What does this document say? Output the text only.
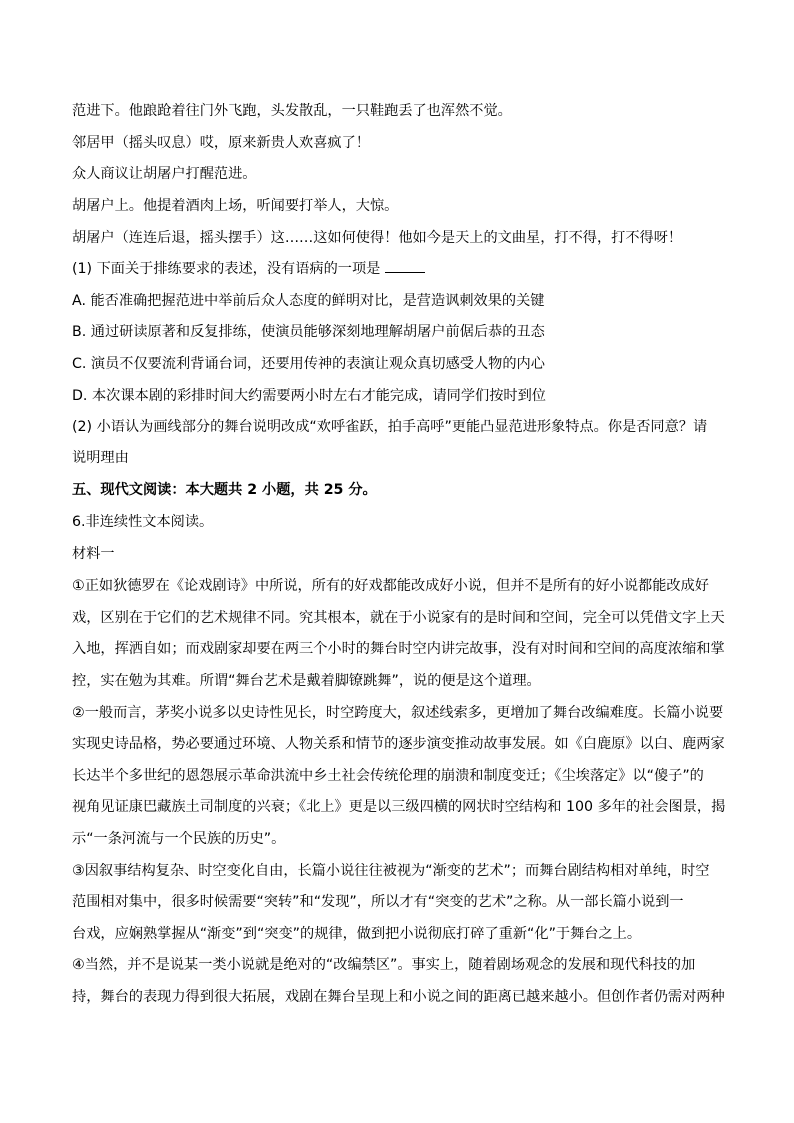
范进下。他踉跄着往门外飞跑，头发散乱，一只鞋跑丢了也浑然不觉。
邻居甲（摇头叹息）哎，原来新贵人欢喜疯了！
众人商议让胡屠户打醒范进。
胡屠户上。他提着酒肉上场，听闻要打举人，大惊。
胡屠户（连连后退，摇头摆手）这……这如何使得！他如今是天上的文曲星，打不得，打不得呀！
(1) 下面关于排练要求的表述，没有语病的一项是
A. 能否准确把握范进中举前后众人态度的鲜明对比，是营造讽刺效果的关键
B. 通过研读原著和反复排练，使演员能够深刻地理解胡屠户前倨后恭的丑态
C. 演员不仅要流利背诵台词，还要用传神的表演让观众真切感受人物的内心
D. 本次课本剧的彩排时间大约需要两小时左右才能完成，请同学们按时到位
(2) 小语认为画线部分的舞台说明改成“欢呼雀跃，拍手高呼”更能凸显范进形象特点。你是否同意？请
说明理由
五、现代文阅读：本大题共 2 小题，共 25 分。
6.非连续性文本阅读。
材料一
①正如狄德罗在《论戏剧诗》中所说，所有的好戏都能改成好小说，但并不是所有的好小说都能改成好
戏，区别在于它们的艺术规律不同。究其根本，就在于小说家有的是时间和空间，完全可以凭借文字上天
入地，挥洒自如；而戏剧家却要在两三个小时的舞台时空内讲完故事，没有对时间和空间的高度浓缩和掌
控，实在勉为其难。所谓“舞台艺术是戴着脚镣跳舞”，说的便是这个道理。
②一般而言，茅奖小说多以史诗性见长，时空跨度大，叙述线索多，更增加了舞台改编难度。长篇小说要
实现史诗品格，势必要通过环境、人物关系和情节的逐步演变推动故事发展。如《白鹿原》以白、鹿两家
长达半个多世纪的恩怨展示革命洪流中乡土社会传统伦理的崩溃和制度变迁；《尘埃落定》以“傻子”的
视角见证康巴藏族土司制度的兴衰；《北上》更是以三级四横的网状时空结构和 100 多年的社会图景，揭
示“一条河流与一个民族的历史”。
③因叙事结构复杂、时空变化自由，长篇小说往往被视为“渐变的艺术”；而舞台剧结构相对单纯，时空
范围相对集中，很多时候需要“突转”和“发现”，所以才有“突变的艺术”之称。从一部长篇小说到一
台戏，应娴熟掌握从“渐变”到“突变”的规律，做到把小说彻底打碎了重新“化”于舞台之上。
④当然，并不是说某一类小说就是绝对的“改编禁区”。事实上，随着剧场观念的发展和现代科技的加
持，舞台的表现力得到很大拓展，戏剧在舞台呈现上和小说之间的距离已越来越小。但创作者仍需对两种
